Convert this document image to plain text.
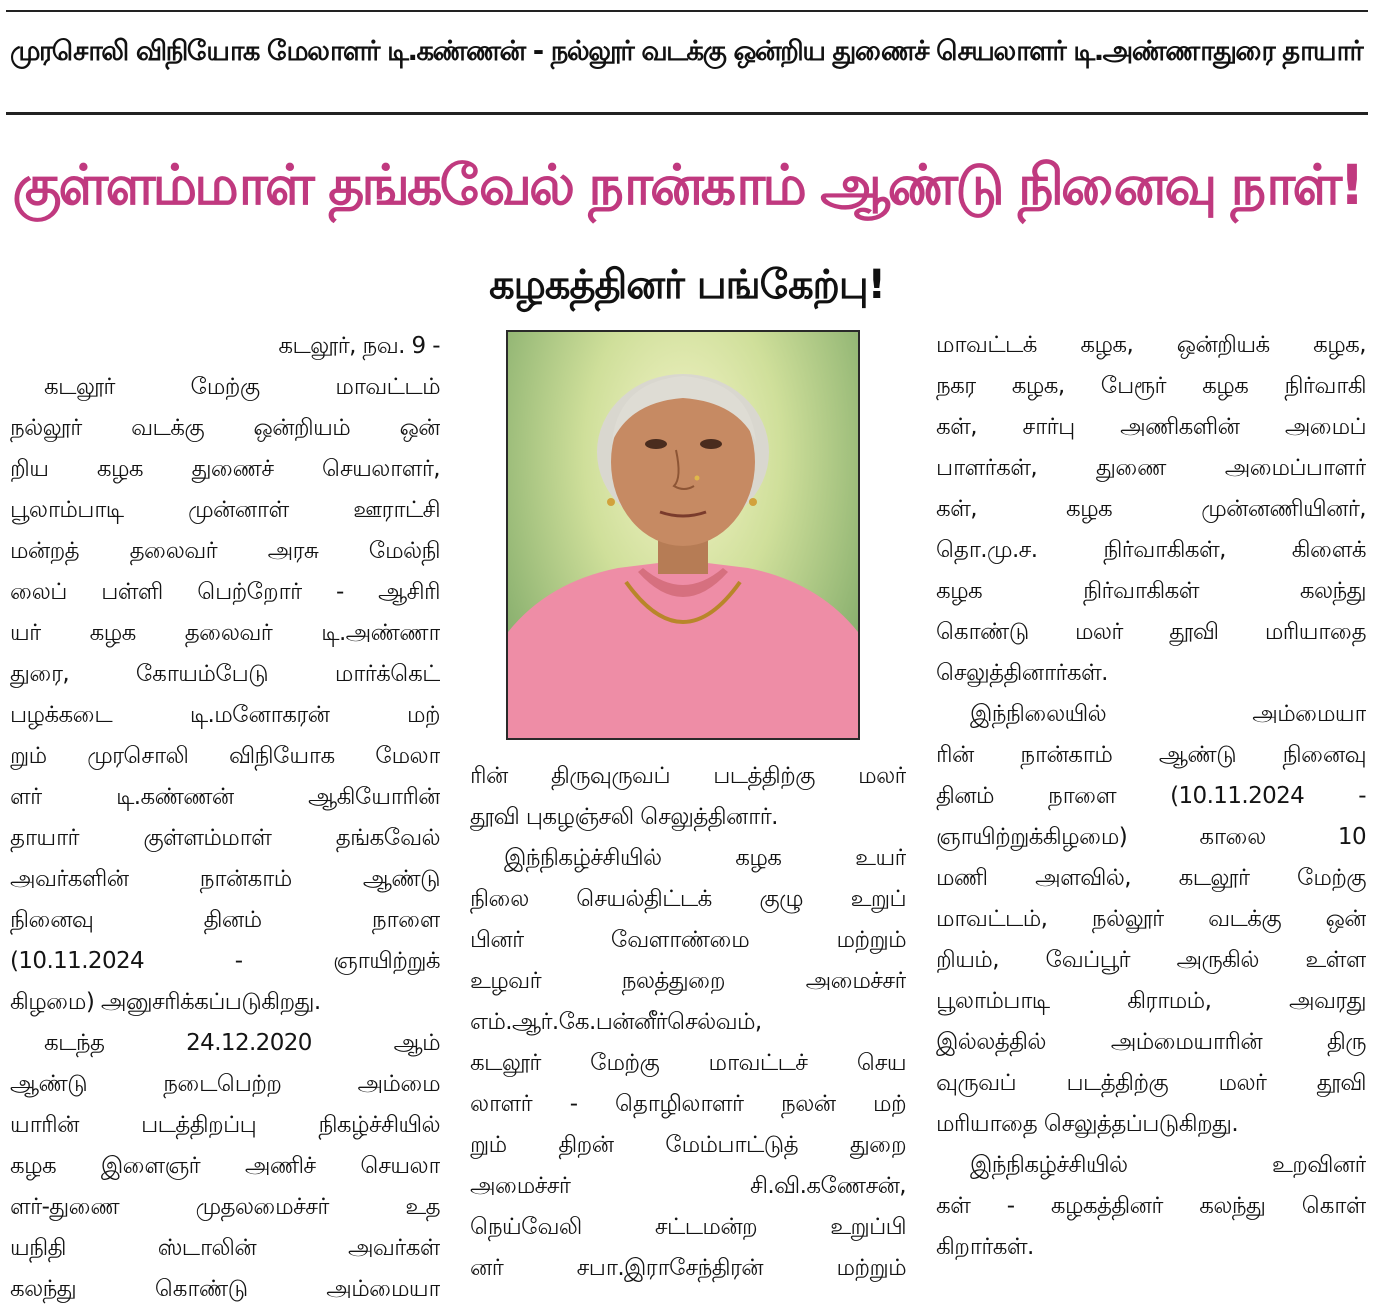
முரசொலி விநியோக மேலாளர் டி.கண்ணன் - நல்லூர் வடக்கு ஒன்றிய துணைச் செயலாளர் டி.அண்ணாதுரை தாயார்
குள்ளம்மாள் தங்கவேல் நான்காம் ஆண்டு நினைவு நாள்!
கழகத்தினர் பங்கேற்பு!
கடலூர், நவ. 9 -
கடலூர் மேற்கு மாவட்டம்
நல்லூர் வடக்கு ஒன்றியம் ஒன்
றிய கழக துணைச் செயலாளர்,
பூலாம்பாடி முன்னாள் ஊராட்சி
மன்றத் தலைவர் அரசு மேல்நி
லைப் பள்ளி பெற்றோர் - ஆசிரி
யர் கழக தலைவர் டி.அண்ணா
துரை, கோயம்பேடு மார்க்கெட்
பழக்கடை டி.மனோகரன் மற்
றும் முரசொலி விநியோக மேலா
ளர் டி.கண்ணன் ஆகியோரின்
தாயார் குள்ளம்மாள் தங்கவேல்
அவர்களின் நான்காம் ஆண்டு
நினைவு தினம் நாளை
(10.11.2024 - ஞாயிற்றுக்
கிழமை) அனுசரிக்கப்படுகிறது.
கடந்த 24.12.2020 ஆம்
ஆண்டு நடைபெற்ற அம்மை
யாரின் படத்திறப்பு நிகழ்ச்சியில்
கழக இளைஞர் அணிச் செயலா
ளர்-துணை முதலமைச்சர் உத
யநிதி ஸ்டாலின் அவர்கள்
கலந்து கொண்டு அம்மையா
ரின் திருவுருவப் படத்திற்கு மலர்
தூவி புகழஞ்சலி செலுத்தினார்.
இந்நிகழ்ச்சியில் கழக உயர்
நிலை செயல்திட்டக் குழு உறுப்
பினர் வேளாண்மை மற்றும்
உழவர் நலத்துறை அமைச்சர்
எம்.ஆர்.கே.பன்னீர்செல்வம்,
கடலூர் மேற்கு மாவட்டச் செய
லாளர் - தொழிலாளர் நலன் மற்
றும் திறன் மேம்பாட்டுத் துறை
அமைச்சர் சி.வி.கணேசன்,
நெய்வேலி சட்டமன்ற உறுப்பி
னர் சபா.இராசேந்திரன் மற்றும்
மாவட்டக் கழக, ஒன்றியக் கழக,
நகர கழக, பேரூர் கழக நிர்வாகி
கள், சார்பு அணிகளின் அமைப்
பாளர்கள், துணை அமைப்பாளர்
கள், கழக முன்னணியினர்,
தொ.மு.ச. நிர்வாகிகள், கிளைக்
கழக நிர்வாகிகள் கலந்து
கொண்டு மலர் தூவி மரியாதை
செலுத்தினார்கள்.
இந்நிலையில் அம்மையா
ரின் நான்காம் ஆண்டு நினைவு
தினம் நாளை (10.11.2024 -
ஞாயிற்றுக்கிழமை) காலை 10
மணி அளவில், கடலூர் மேற்கு
மாவட்டம், நல்லூர் வடக்கு ஒன்
றியம், வேப்பூர் அருகில் உள்ள
பூலாம்பாடி கிராமம், அவரது
இல்லத்தில் அம்மையாரின் திரு
வுருவப் படத்திற்கு மலர் தூவி
மரியாதை செலுத்தப்படுகிறது.
இந்நிகழ்ச்சியில் உறவினர்
கள் - கழகத்தினர் கலந்து கொள்
கிறார்கள்.
